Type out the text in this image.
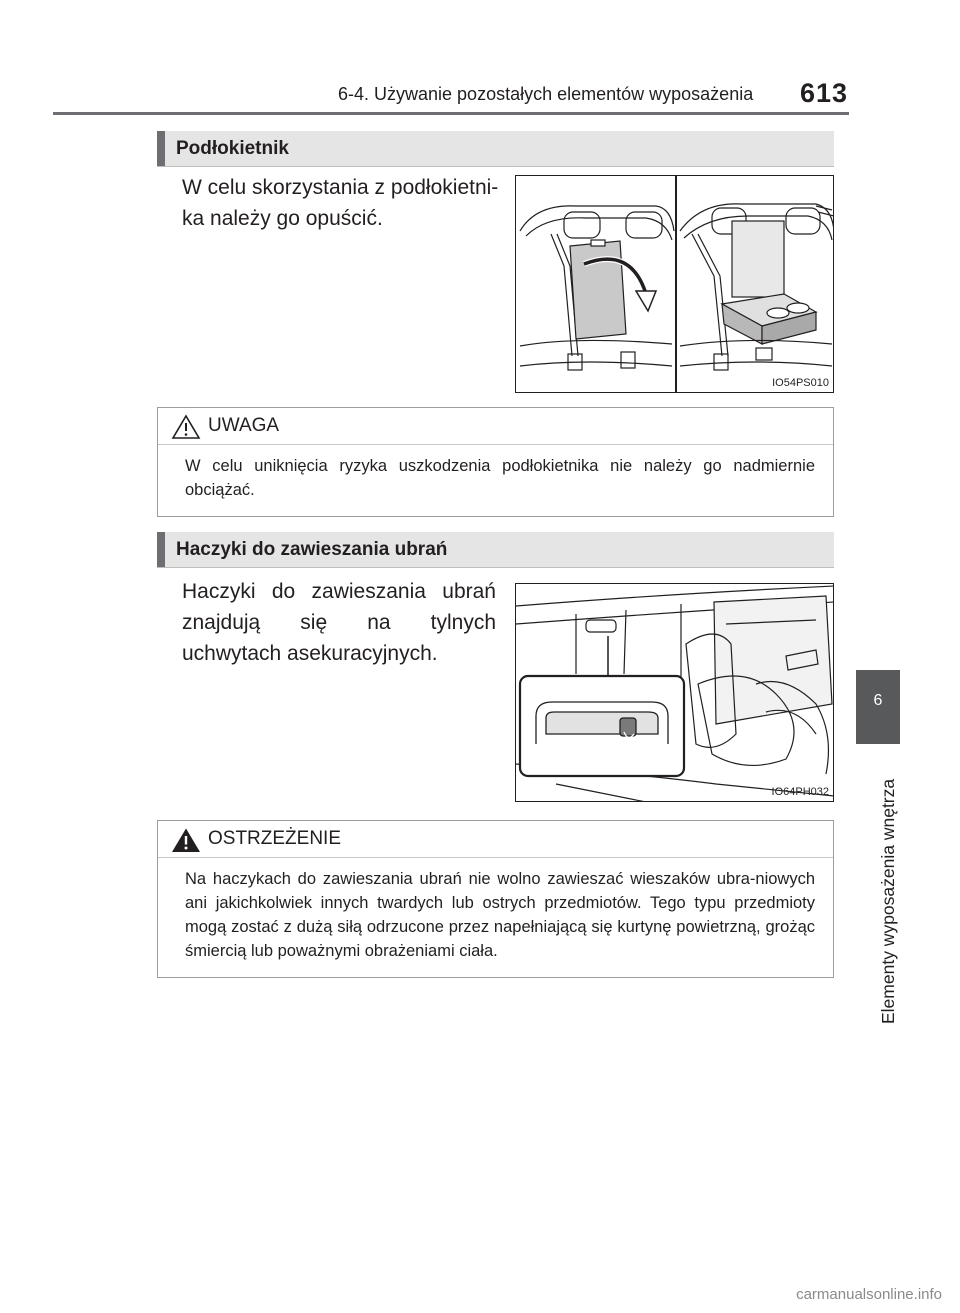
6-4. Używanie pozostałych elementów wyposażenia 613
Podłokietnik
W celu skorzystania z podłokietni-ka należy go opuścić.
IO54PS010
UWAGA
W celu uniknięcia ryzyka uszkodzenia podłokietnika nie należy go nadmiernie obciążać.
Haczyki do zawieszania ubrań
Haczyki do zawieszania ubrań znajdują się na tylnych uchwytach asekuracyjnych.
IO64PH032
OSTRZEŻENIE
Na haczykach do zawieszania ubrań nie wolno zawieszać wieszaków ubra-niowych ani jakichkolwiek innych twardych lub ostrych przedmiotów. Tego typu przedmioty mogą zostać z dużą siłą odrzucone przez napełniającą się kurtynę powietrzną, grożąc śmiercią lub poważnymi obrażeniami ciała.
6
Elementy wyposażenia wnętrza
carmanualsonline.info
